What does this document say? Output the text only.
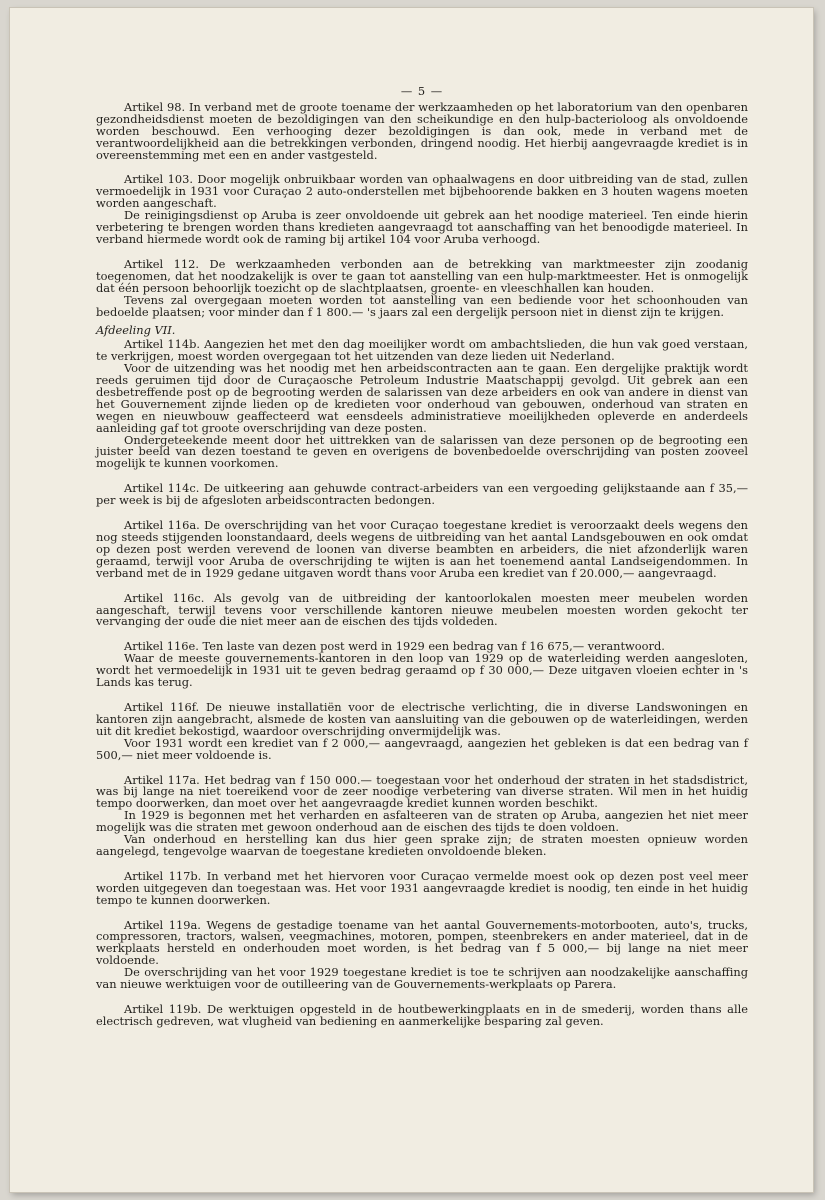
— 5 —

Artikel 98. In verband met de groote toename der werkzaamheden op het laboratorium van den openbaren gezondheidsdienst moeten de bezoldigingen van den scheikundige en den hulp-bacterioloog als onvoldoende worden beschouwd. Een verhooging dezer bezoldigingen is dan ook, mede in verband met de verantwoordelijkheid aan die betrekkingen verbonden, dringend noodig. Het hierbij aangevraagde krediet is in overeenstemming met een en ander vastgesteld.

Artikel 103. Door mogelijk onbruikbaar worden van ophaalwagens en door uitbreiding van de stad, zullen vermoedelijk in 1931 voor Curaçao 2 auto-onderstellen met bijbehoorende bakken en 3 houten wagens moeten worden aangeschaft.

De reinigingsdienst op Aruba is zeer onvoldoende uit gebrek aan het noodige materieel. Ten einde hierin verbetering te brengen worden thans kredieten aangevraagd tot aanschaffing van het benoodigde materieel. In verband hiermede wordt ook de raming bij artikel 104 voor Aruba verhoogd.

Artikel 112. De werkzaamheden verbonden aan de betrekking van marktmeester zijn zoodanig toegenomen, dat het noodzakelijk is over te gaan tot aanstelling van een hulp-marktmeester. Het is onmogelijk dat één persoon behoorlijk toezicht op de slachtplaatsen, groente- en vleeschhallen kan houden.

Tevens zal overgegaan moeten worden tot aanstelling van een bediende voor het schoonhouden van bedoelde plaatsen; voor minder dan f 1 800.— 's jaars zal een dergelijk persoon niet in dienst zijn te krijgen.

Afdeeling VII.

Artikel 114b. Aangezien het met den dag moeilijker wordt om ambachtslieden, die hun vak goed verstaan, te verkrijgen, moest worden overgegaan tot het uitzenden van deze lieden uit Nederland.

Voor de uitzending was het noodig met hen arbeidscontracten aan te gaan. Een dergelijke praktijk wordt reeds geruimen tijd door de Curaçaosche Petroleum Industrie Maatschappij gevolgd. Uit gebrek aan een desbetreffende post op de begrooting werden de salarissen van deze arbeiders en ook van andere in dienst van het Gouvernement zijnde lieden op de kredieten voor onderhoud van gebouwen, onderhoud van straten en wegen en nieuwbouw geaffecteerd wat eensdeels administratieve moeilijkheden opleverde en anderdeels aanleiding gaf tot groote overschrijding van deze posten.

Ondergeteekende meent door het uittrekken van de salarissen van deze personen op de begrooting een juister beeld van dezen toestand te geven en overigens de bovenbedoelde overschrijding van posten zooveel mogelijk te kunnen voorkomen.

Artikel 114c. De uitkeering aan gehuwde contract-arbeiders van een vergoeding gelijkstaande aan f 35,— per week is bij de afgesloten arbeidscontracten bedongen.

Artikel 116a. De overschrijding van het voor Curaçao toegestane krediet is veroorzaakt deels wegens den nog steeds stijgenden loonstandaard, deels wegens de uitbreiding van het aantal Landsgebouwen en ook omdat op dezen post werden verevend de loonen van diverse beambten en arbeiders, die niet afzonderlijk waren geraamd, terwijl voor Aruba de overschrijding te wijten is aan het toenemend aantal Landseigendommen. In verband met de in 1929 gedane uitgaven wordt thans voor Aruba een krediet van f 20.000,— aangevraagd.

Artikel 116c. Als gevolg van de uitbreiding der kantoorlokalen moesten meer meubelen worden aangeschaft, terwijl tevens voor verschillende kantoren nieuwe meubelen moesten worden gekocht ter vervanging der oude die niet meer aan de eischen des tijds voldeden.

Artikel 116e. Ten laste van dezen post werd in 1929 een bedrag van f 16 675,— verantwoord.

Waar de meeste gouvernements-kantoren in den loop van 1929 op de waterleiding werden aangesloten, wordt het vermoedelijk in 1931 uit te geven bedrag geraamd op f 30 000,— Deze uitgaven vloeien echter in 's Lands kas terug.

Artikel 116f. De nieuwe installatiën voor de electrische verlichting, die in diverse Landswoningen en kantoren zijn aangebracht, alsmede de kosten van aansluiting van die gebouwen op de waterleidingen, werden uit dit krediet bekostigd, waardoor overschrijding onvermijdelijk was.

Voor 1931 wordt een krediet van f 2 000,— aangevraagd, aangezien het gebleken is dat een bedrag van f 500,— niet meer voldoende is.

Artikel 117a. Het bedrag van f 150 000.— toegestaan voor het onderhoud der straten in het stadsdistrict, was bij lange na niet toereikend voor de zeer noodige verbetering van diverse straten. Wil men in het huidig tempo doorwerken, dan moet over het aangevraagde krediet kunnen worden beschikt.

In 1929 is begonnen met het verharden en asfalteeren van de straten op Aruba, aangezien het niet meer mogelijk was die straten met gewoon onderhoud aan de eischen des tijds te doen voldoen.

Van onderhoud en herstelling kan dus hier geen sprake zijn; de straten moesten opnieuw worden aangelegd, tengevolge waarvan de toegestane kredieten onvoldoende bleken.

Artikel 117b. In verband met het hiervoren voor Curaçao vermelde moest ook op dezen post veel meer worden uitgegeven dan toegestaan was. Het voor 1931 aangevraagde krediet is noodig, ten einde in het huidig tempo te kunnen doorwerken.

Artikel 119a. Wegens de gestadige toename van het aantal Gouvernements-motorbooten, auto's, trucks, compressoren, tractors, walsen, veegmachines, motoren, pompen, steenbrekers en ander materieel, dat in de werkplaats hersteld en onderhouden moet worden, is het bedrag van f 5 000,— bij lange na niet meer voldoende.

De overschrijding van het voor 1929 toegestane krediet is toe te schrijven aan noodzakelijke aanschaffing van nieuwe werktuigen voor de outilleering van de Gouvernements-werkplaats op Parera.

Artikel 119b. De werktuigen opgesteld in de houtbewerkingplaats en in de smederij, worden thans alle electrisch gedreven, wat vlugheid van bediening en aanmerkelijke besparing zal geven.
